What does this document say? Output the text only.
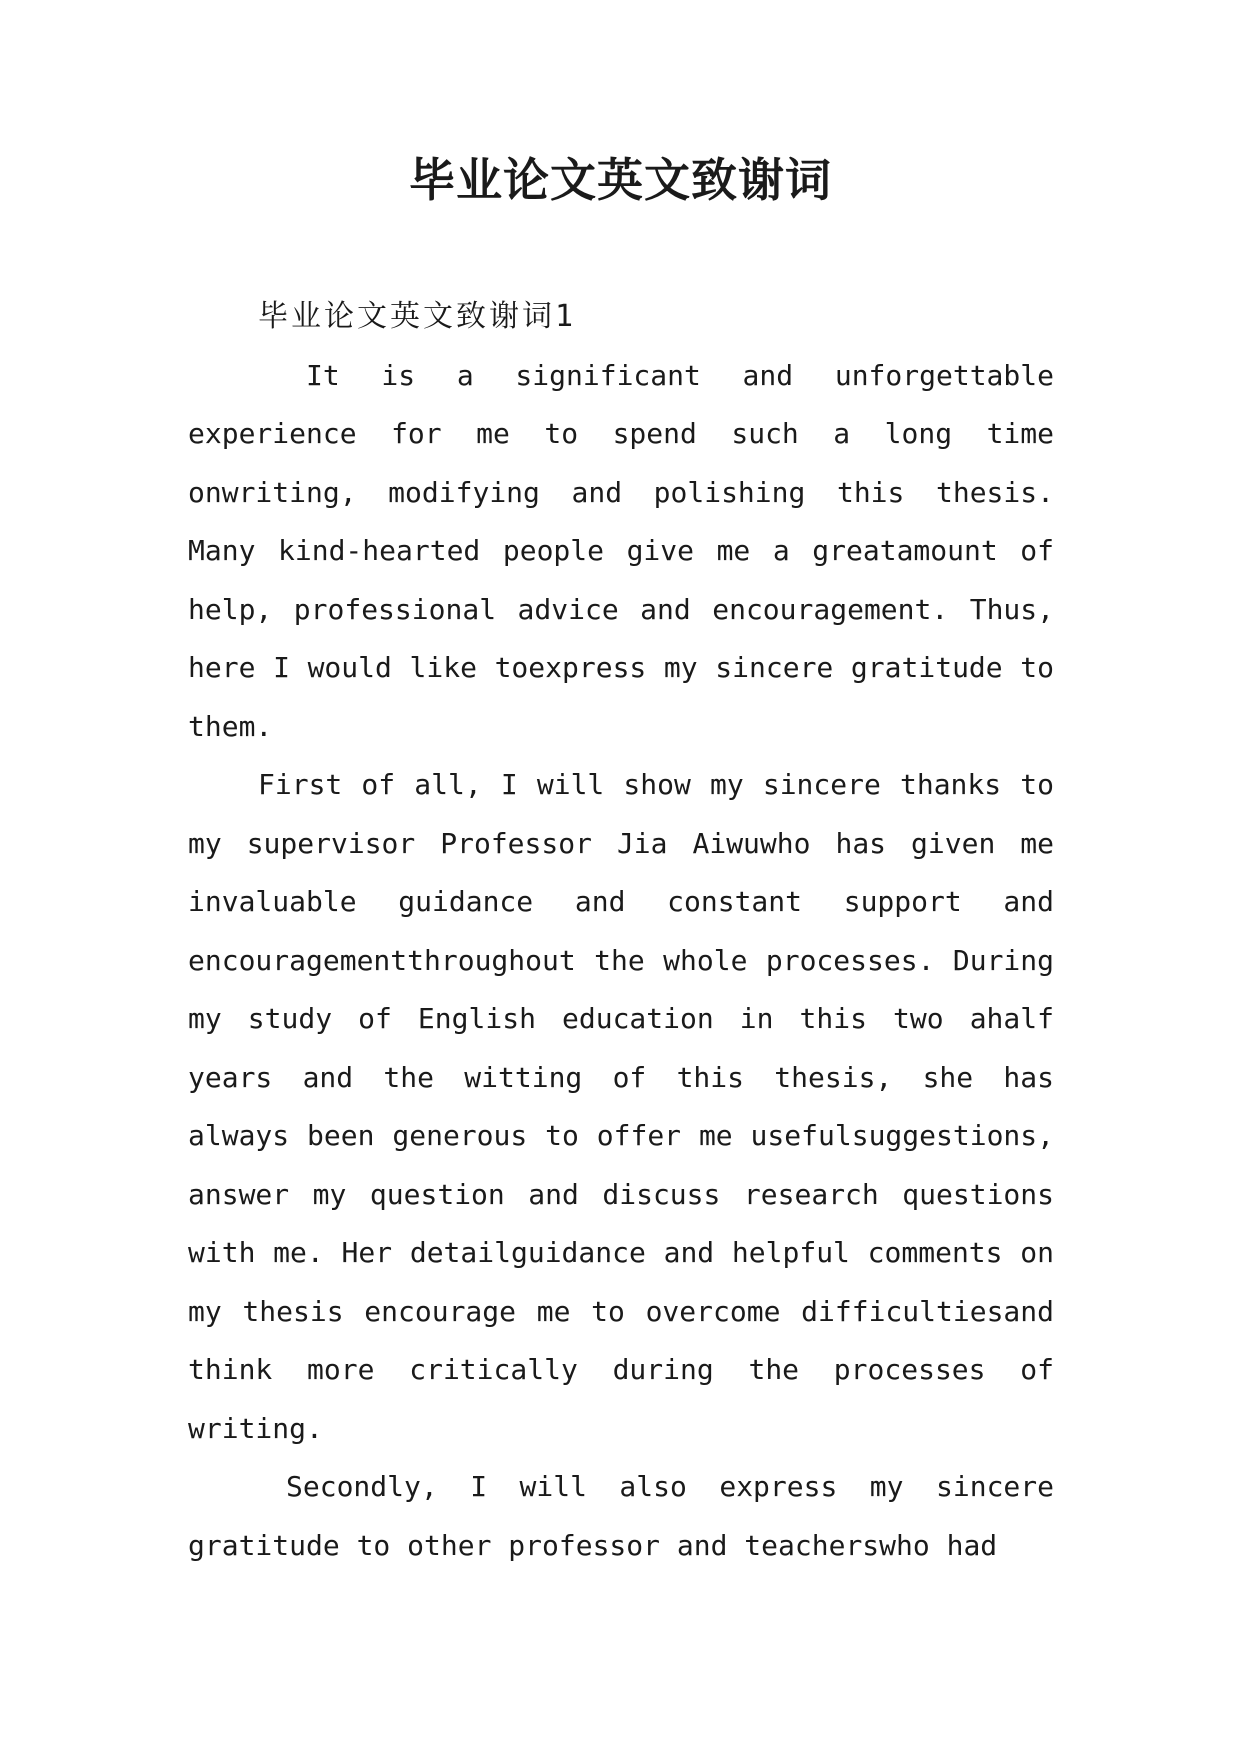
毕业论文英文致谢词
毕业论文英文致谢词1

It is a significant and unforgettable experience for me to spend such a long time onwriting, modifying and polishing this thesis. Many kind-hearted people give me a greatamount of help, professional advice and encouragement. Thus, here I would like toexpress my sincere gratitude to them.

First of all, I will show my sincere thanks to my supervisor Professor Jia Aiwuwho has given me invaluable guidance and constant support and encouragementthroughout the whole processes. During my study of English education in this two ahalf years and the witting of this thesis, she has always been generous to offer me usefulsuggestions, answer my question and discuss research questions with me. Her detailguidance and helpful comments on my thesis encourage me to overcome difficultiesand think more critically during the processes of writing.

Secondly, I will also express my sincere gratitude to other professor and teacherswho had
